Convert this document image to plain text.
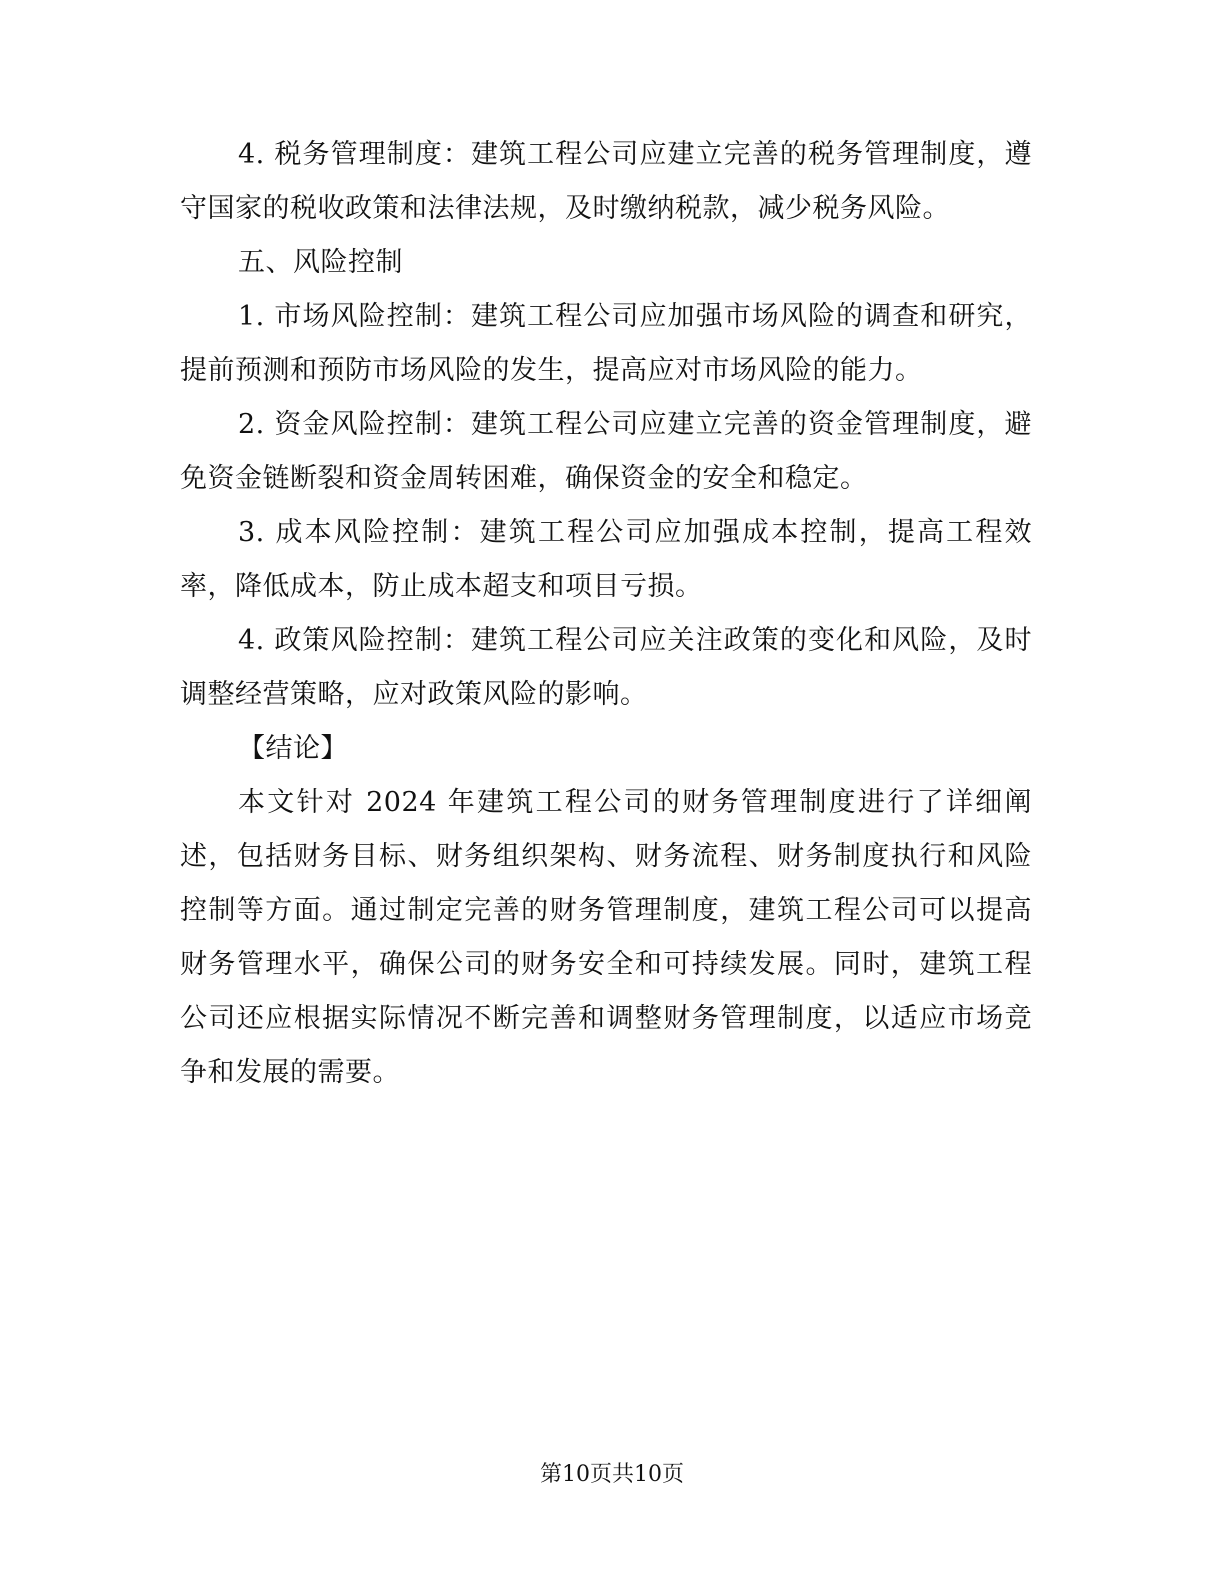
4. 税务管理制度：建筑工程公司应建立完善的税务管理制度，遵守国家的税收政策和法律法规，及时缴纳税款，减少税务风险。

五、风险控制

1. 市场风险控制：建筑工程公司应加强市场风险的调查和研究，提前预测和预防市场风险的发生，提高应对市场风险的能力。

2. 资金风险控制：建筑工程公司应建立完善的资金管理制度，避免资金链断裂和资金周转困难，确保资金的安全和稳定。

3. 成本风险控制：建筑工程公司应加强成本控制，提高工程效率，降低成本，防止成本超支和项目亏损。

4. 政策风险控制：建筑工程公司应关注政策的变化和风险，及时调整经营策略，应对政策风险的影响。

【结论】

本文针对 2024 年建筑工程公司的财务管理制度进行了详细阐述，包括财务目标、财务组织架构、财务流程、财务制度执行和风险控制等方面。通过制定完善的财务管理制度，建筑工程公司可以提高财务管理水平，确保公司的财务安全和可持续发展。同时，建筑工程公司还应根据实际情况不断完善和调整财务管理制度，以适应市场竞争和发展的需要。

第10页共10页
